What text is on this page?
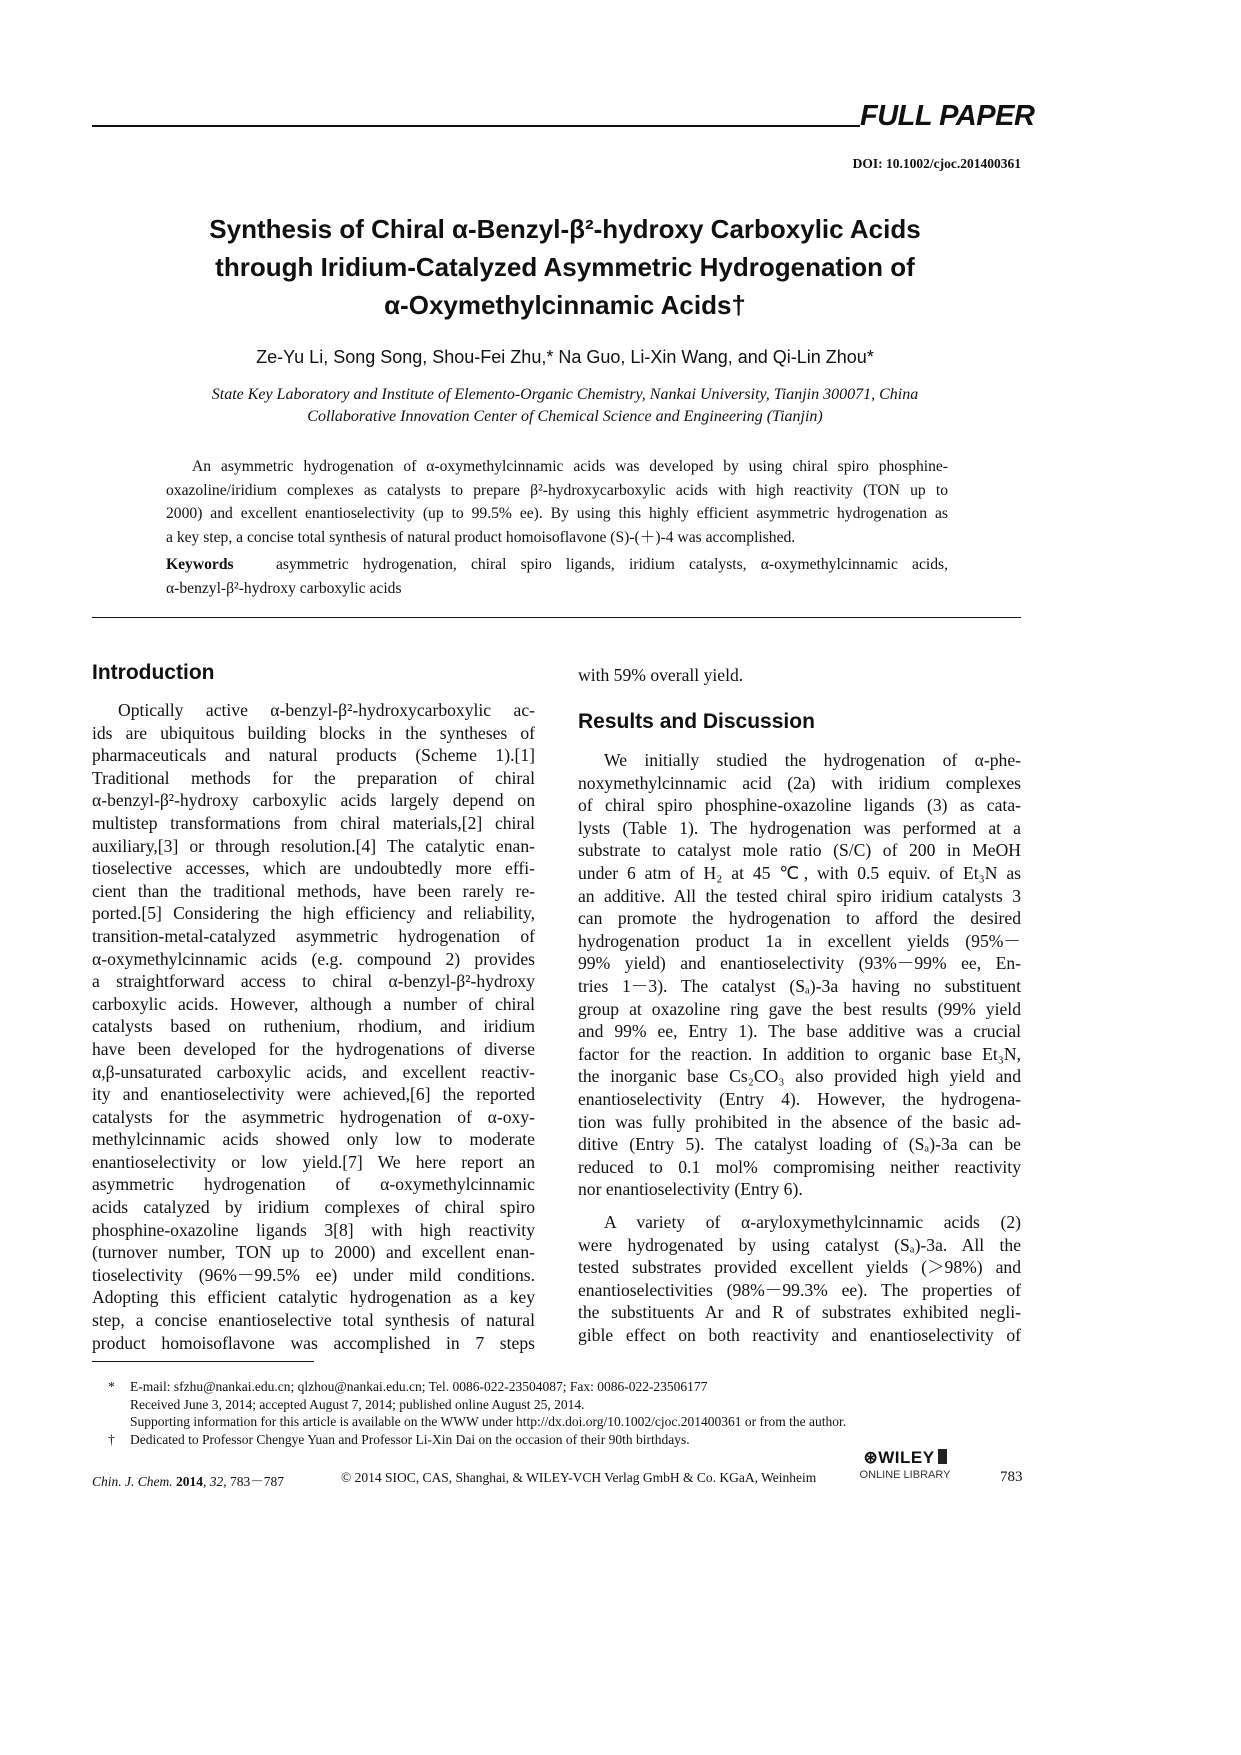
FULL PAPER
DOI: 10.1002/cjoc.201400361
Synthesis of Chiral α-Benzyl-β²-hydroxy Carboxylic Acids
through Iridium-Catalyzed Asymmetric Hydrogenation of
α-Oxymethylcinnamic Acids†
Ze-Yu Li, Song Song, Shou-Fei Zhu,* Na Guo, Li-Xin Wang, and Qi-Lin Zhou*
State Key Laboratory and Institute of Elemento-Organic Chemistry, Nankai University, Tianjin 300071, China
Collaborative Innovation Center of Chemical Science and Engineering (Tianjin)
An asymmetric hydrogenation of α-oxymethylcinnamic acids was developed by using chiral spiro phosphine-
oxazoline/iridium complexes as catalysts to prepare β²-hydroxycarboxylic acids with high reactivity (TON up to
2000) and excellent enantioselectivity (up to 99.5% ee). By using this highly efficient asymmetric hydrogenation as
a key step, a concise total synthesis of natural product homoisoflavone (S)-(＋)-4 was accomplished.
Keywords	asymmetric hydrogenation, chiral spiro ligands, iridium catalysts, α-oxymethylcinnamic acids,
α-benzyl-β²-hydroxy carboxylic acids
Introduction
Optically active α-benzyl-β²-hydroxycarboxylic ac-
ids are ubiquitous building blocks in the syntheses of
pharmaceuticals and natural products (Scheme 1).[1]
Traditional methods for the preparation of chiral
α-benzyl-β²-hydroxy carboxylic acids largely depend on
multistep transformations from chiral materials,[2] chiral
auxiliary,[3] or through resolution.[4] The catalytic enan-
tioselective accesses, which are undoubtedly more effi-
cient than the traditional methods, have been rarely re-
ported.[5] Considering the high efficiency and reliability,
transition-metal-catalyzed asymmetric hydrogenation of
α-oxymethylcinnamic acids (e.g. compound 2) provides
a straightforward access to chiral α-benzyl-β²-hydroxy
carboxylic acids. However, although a number of chiral
catalysts based on ruthenium, rhodium, and iridium
have been developed for the hydrogenations of diverse
α,β-unsaturated carboxylic acids, and excellent reactiv-
ity and enantioselectivity were achieved,[6] the reported
catalysts for the asymmetric hydrogenation of α-oxy-
methylcinnamic acids showed only low to moderate
enantioselectivity or low yield.[7] We here report an
asymmetric hydrogenation of α-oxymethylcinnamic
acids catalyzed by iridium complexes of chiral spiro
phosphine-oxazoline ligands 3[8] with high reactivity
(turnover number, TON up to 2000) and excellent enan-
tioselectivity (96%－99.5% ee) under mild conditions.
Adopting this efficient catalytic hydrogenation as a key
step, a concise enantioselective total synthesis of natural
product homoisoflavone was accomplished in 7 steps
with 59% overall yield.
Results and Discussion
We initially studied the hydrogenation of α-phe-
noxymethylcinnamic acid (2a) with iridium complexes
of chiral spiro phosphine-oxazoline ligands (3) as cata-
lysts (Table 1). The hydrogenation was performed at a
substrate to catalyst mole ratio (S/C) of 200 in MeOH
under 6 atm of H₂ at 45 ℃, with 0.5 equiv. of Et₃N as
an additive. All the tested chiral spiro iridium catalysts 3
can promote the hydrogenation to afford the desired
hydrogenation product 1a in excellent yields (95%－
99% yield) and enantioselectivity (93%－99% ee, En-
tries 1－3). The catalyst (Sₐ)-3a having no substituent
group at oxazoline ring gave the best results (99% yield
and 99% ee, Entry 1). The base additive was a crucial
factor for the reaction. In addition to organic base Et₃N,
the inorganic base Cs₂CO₃ also provided high yield and
enantioselectivity (Entry 4). However, the hydrogena-
tion was fully prohibited in the absence of the basic ad-
ditive (Entry 5). The catalyst loading of (Sₐ)-3a can be
reduced to 0.1 mol% compromising neither reactivity
nor enantioselectivity (Entry 6).
A variety of α-aryloxymethylcinnamic acids (2)
were hydrogenated by using catalyst (Sₐ)-3a. All the
tested substrates provided excellent yields (＞98%) and
enantioselectivities (98%－99.3% ee). The properties of
the substituents Ar and R of substrates exhibited negli-
gible effect on both reactivity and enantioselectivity of
* E-mail: sfzhu@nankai.edu.cn; qlzhou@nankai.edu.cn; Tel. 0086-022-23504087; Fax: 0086-022-23506177
Received June 3, 2014; accepted August 7, 2014; published online August 25, 2014.
Supporting information for this article is available on the WWW under http://dx.doi.org/10.1002/cjoc.201400361 or from the author.
† Dedicated to Professor Chengye Yuan and Professor Li-Xin Dai on the occasion of their 90th birthdays.
Chin. J. Chem. 2014, 32, 783－787	© 2014 SIOC, CAS, Shanghai, & WILEY-VCH Verlag GmbH & Co. KGaA, Weinheim
⊛WILEY
ONLINE LIBRARY	783
